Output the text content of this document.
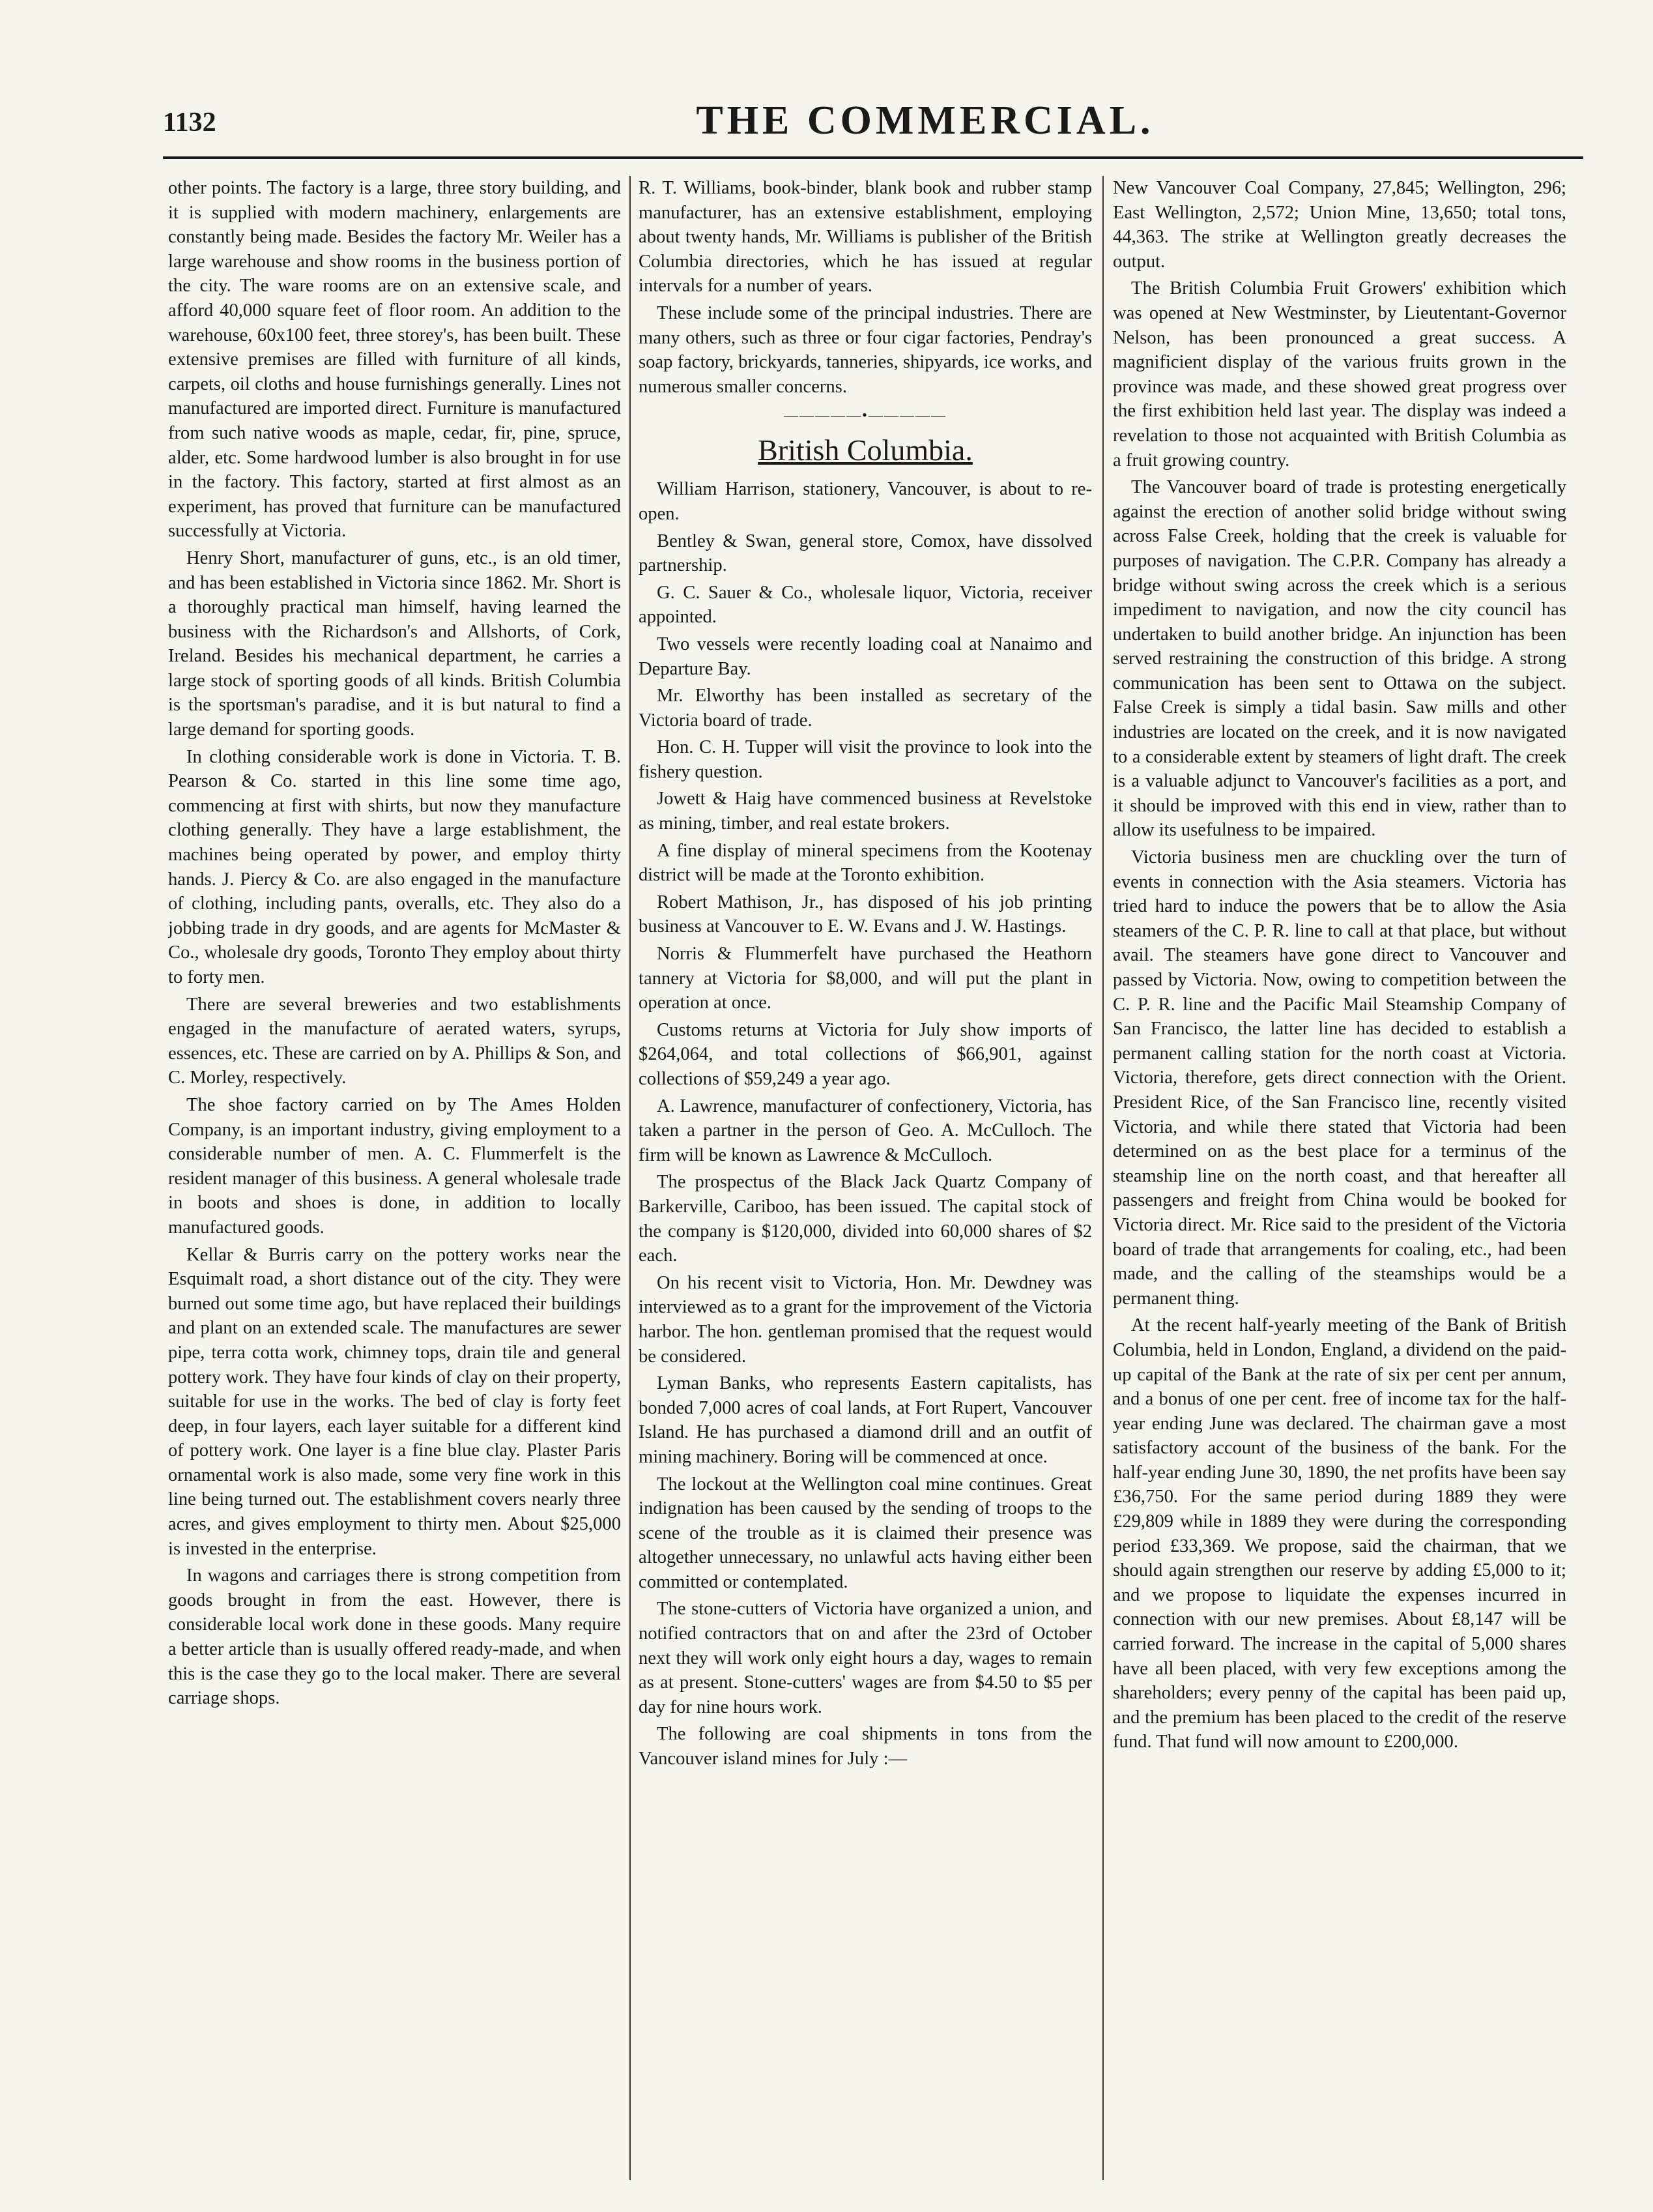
1132	THE COMMERCIAL.

other points. The factory is a large, three story building, and it is supplied with modern machinery, enlargements are constantly being made. Besides the factory Mr. Weiler has a large warehouse and show rooms in the business portion of the city. The ware rooms are on an extensive scale, and afford 40,000 square feet of floor room. An addition to the warehouse, 60x100 feet, three storey's, has been built. These extensive premises are filled with furniture of all kinds, carpets, oil cloths and house furnishings generally. Lines not manufactured are imported direct. Furniture is manufactured from such native woods as maple, cedar, fir, pine, spruce, alder, etc. Some hardwood lumber is also brought in for use in the factory. This factory, started at first almost as an experiment, has proved that furniture can be manufactured successfully at Victoria.

Henry Short, manufacturer of guns, etc., is an old timer, and has been established in Victoria since 1862. Mr. Short is a thoroughly practical man himself, having learned the business with the Richardson's and Allshorts, of Cork, Ireland. Besides his mechanical department, he carries a large stock of sporting goods of all kinds. British Columbia is the sportsman's paradise, and it is but natural to find a large demand for sporting goods.

In clothing considerable work is done in Victoria. T. B. Pearson & Co. started in this line some time ago, commencing at first with shirts, but now they manufacture clothing generally. They have a large establishment, the machines being operated by power, and employ thirty hands. J. Piercy & Co. are also engaged in the manufacture of clothing, including pants, overalls, etc. They also do a jobbing trade in dry goods, and are agents for McMaster & Co., wholesale dry goods, Toronto They employ about thirty to forty men.

There are several breweries and two establishments engaged in the manufacture of aerated waters, syrups, essences, etc. These are carried on by A. Phillips & Son, and C. Morley, respectively.

The shoe factory carried on by The Ames Holden Company, is an important industry, giving employment to a considerable number of men. A. C. Flummerfelt is the resident manager of this business. A general wholesale trade in boots and shoes is done, in addition to locally manufactured goods.

Kellar & Burris carry on the pottery works near the Esquimalt road, a short distance out of the city. They were burned out some time ago, but have replaced their buildings and plant on an extended scale. The manufactures are sewer pipe, terra cotta work, chimney tops, drain tile and general pottery work. They have four kinds of clay on their property, suitable for use in the works. The bed of clay is forty feet deep, in four layers, each layer suitable for a different kind of pottery work. One layer is a fine blue clay. Plaster Paris ornamental work is also made, some very fine work in this line being turned out. The establishment covers nearly three acres, and gives employment to thirty men. About $25,000 is invested in the enterprise.

In wagons and carriages there is strong competition from goods brought in from the east. However, there is considerable local work done in these goods. Many require a better article than is usually offered ready-made, and when this is the case they go to the local maker. There are several carriage shops.

R. T. Williams, book-binder, blank book and rubber stamp manufacturer, has an extensive establishment, employing about twenty hands, Mr. Williams is publisher of the British Columbia directories, which he has issued at regular intervals for a number of years.

These include some of the principal industries. There are many others, such as three or four cigar factories, Pendray's soap factory, brickyards, tanneries, shipyards, ice works, and numerous smaller concerns.

—————•—————
British Columbia.

William Harrison, stationery, Vancouver, is about to re-open.

Bentley & Swan, general store, Comox, have dissolved partnership.

G. C. Sauer & Co., wholesale liquor, Victoria, receiver appointed.

Two vessels were recently loading coal at Nanaimo and Departure Bay.

Mr. Elworthy has been installed as secretary of the Victoria board of trade.

Hon. C. H. Tupper will visit the province to look into the fishery question.

Jowett & Haig have commenced business at Revelstoke as mining, timber, and real estate brokers.

A fine display of mineral specimens from the Kootenay district will be made at the Toronto exhibition.

Robert Mathison, Jr., has disposed of his job printing business at Vancouver to E. W. Evans and J. W. Hastings.

Norris & Flummerfelt have purchased the Heathorn tannery at Victoria for $8,000, and will put the plant in operation at once.

Customs returns at Victoria for July show imports of $264,064, and total collections of $66,901, against collections of $59,249 a year ago.

A. Lawrence, manufacturer of confectionery, Victoria, has taken a partner in the person of Geo. A. McCulloch. The firm will be known as Lawrence & McCulloch.

The prospectus of the Black Jack Quartz Company of Barkerville, Cariboo, has been issued. The capital stock of the company is $120,000, divided into 60,000 shares of $2 each.

On his recent visit to Victoria, Hon. Mr. Dewdney was interviewed as to a grant for the improvement of the Victoria harbor. The hon. gentleman promised that the request would be considered.

Lyman Banks, who represents Eastern capitalists, has bonded 7,000 acres of coal lands, at Fort Rupert, Vancouver Island. He has purchased a diamond drill and an outfit of mining machinery. Boring will be commenced at once.

The lockout at the Wellington coal mine continues. Great indignation has been caused by the sending of troops to the scene of the trouble as it is claimed their presence was altogether unnecessary, no unlawful acts having either been committed or contemplated.

The stone-cutters of Victoria have organized a union, and notified contractors that on and after the 23rd of October next they will work only eight hours a day, wages to remain as at present. Stone-cutters' wages are from $4.50 to $5 per day for nine hours work.

The following are coal shipments in tons from the Vancouver island mines for July :—

New Vancouver Coal Company, 27,845; Wellington, 296; East Wellington, 2,572; Union Mine, 13,650; total tons, 44,363. The strike at Wellington greatly decreases the output.

The British Columbia Fruit Growers' exhibition which was opened at New Westminster, by Lieutentant-Governor Nelson, has been pronounced a great success. A magnificient display of the various fruits grown in the province was made, and these showed great progress over the first exhibition held last year. The display was indeed a revelation to those not acquainted with British Columbia as a fruit growing country.

The Vancouver board of trade is protesting energetically against the erection of another solid bridge without swing across False Creek, holding that the creek is valuable for purposes of navigation. The C.P.R. Company has already a bridge without swing across the creek which is a serious impediment to navigation, and now the city council has undertaken to build another bridge. An injunction has been served restraining the construction of this bridge. A strong communication has been sent to Ottawa on the subject. False Creek is simply a tidal basin. Saw mills and other industries are located on the creek, and it is now navigated to a considerable extent by steamers of light draft. The creek is a valuable adjunct to Vancouver's facilities as a port, and it should be improved with this end in view, rather than to allow its usefulness to be impaired.

Victoria business men are chuckling over the turn of events in connection with the Asia steamers. Victoria has tried hard to induce the powers that be to allow the Asia steamers of the C. P. R. line to call at that place, but without avail. The steamers have gone direct to Vancouver and passed by Victoria. Now, owing to competition between the C. P. R. line and the Pacific Mail Steamship Company of San Francisco, the latter line has decided to establish a permanent calling station for the north coast at Victoria. Victoria, therefore, gets direct connection with the Orient. President Rice, of the San Francisco line, recently visited Victoria, and while there stated that Victoria had been determined on as the best place for a terminus of the steamship line on the north coast, and that hereafter all passengers and freight from China would be booked for Victoria direct. Mr. Rice said to the president of the Victoria board of trade that arrangements for coaling, etc., had been made, and the calling of the steamships would be a permanent thing.

At the recent half-yearly meeting of the Bank of British Columbia, held in London, England, a dividend on the paid-up capital of the Bank at the rate of six per cent per annum, and a bonus of one per cent. free of income tax for the half-year ending June was declared. The chairman gave a most satisfactory account of the business of the bank. For the half-year ending June 30, 1890, the net profits have been say £36,750. For the same period during 1889 they were £29,809 while in 1889 they were during the corresponding period £33,369. We propose, said the chairman, that we should again strengthen our reserve by adding £5,000 to it; and we propose to liquidate the expenses incurred in connection with our new premises. About £8,147 will be carried forward. The increase in the capital of 5,000 shares have all been placed, with very few exceptions among the shareholders; every penny of the capital has been paid up, and the premium has been placed to the credit of the reserve fund. That fund will now amount to £200,000.
